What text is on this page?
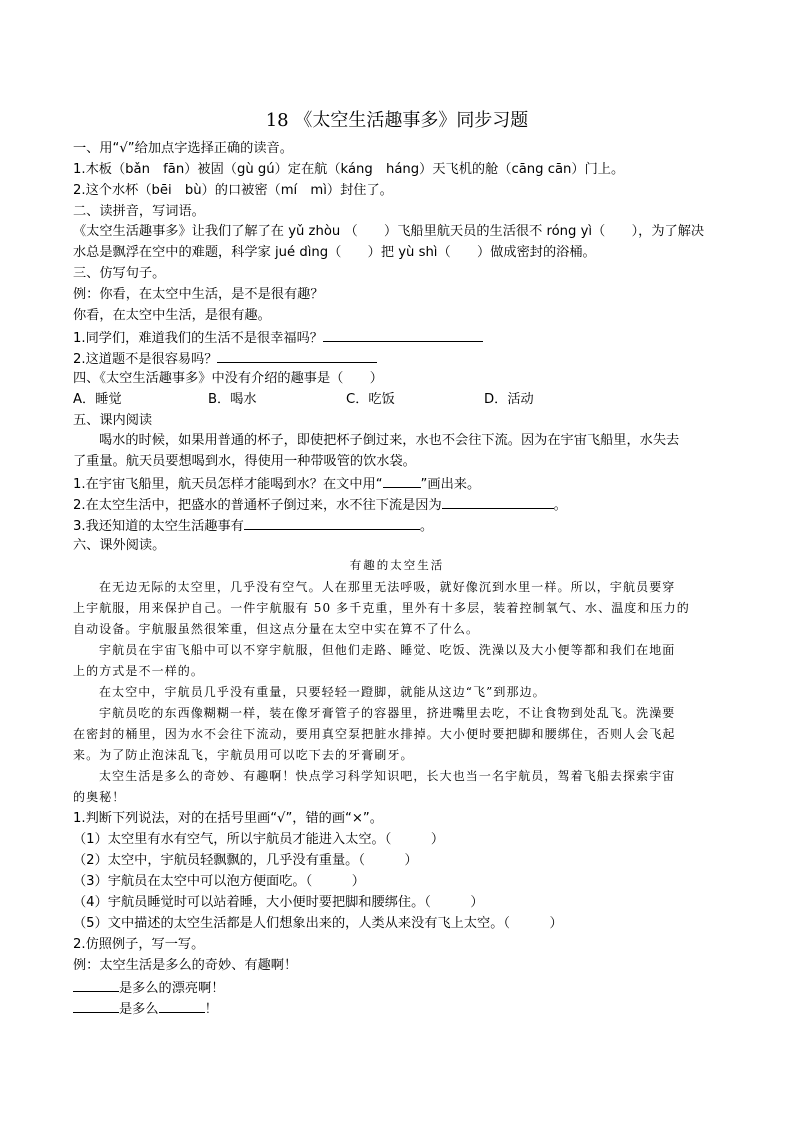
18 《太空生活趣事多》同步习题
一、用“√”给加点字选择正确的读音。
1.木板（bǎn　fān）被固（gù gú）定在航（káng　háng）天飞机的舱（cāng cān）门上。
2.这个水杯（bēi　bù）的口被密（mí　mì）封住了。
二、读拼音，写词语。
《太空生活趣事多》让我们了解了在 yǔ zhòu （　　）飞船里航天员的生活很不 róng yì（　　），为了解决
水总是飘浮在空中的难题，科学家 jué dìng（　　）把 yù shì（　　）做成密封的浴桶。
三、仿写句子。
例：你看，在太空中生活，是不是很有趣？
你看，在太空中生活，是很有趣。
1.同学们，难道我们的生活不是很幸福吗？
2.这道题不是很容易吗？
四、《太空生活趣事多》中没有介绍的趣事是（　　）
A．睡觉	B．喝水	C．吃饭	D．活动
五、课内阅读
喝水的时候，如果用普通的杯子，即使把杯子倒过来，水也不会往下流。因为在宇宙飞船里，水失去
了重量。航天员要想喝到水，得使用一种带吸管的饮水袋。
1.在宇宙飞船里，航天员怎样才能喝到水？在文中用“	”画出来。
2.在太空生活中，把盛水的普通杯子倒过来，水不往下流是因为	。
3.我还知道的太空生活趣事有	。
六、课外阅读。
有趣的太空生活
在无边无际的太空里，几乎没有空气。人在那里无法呼吸，就好像沉到水里一样。所以，宇航员要穿
上宇航服，用来保护自己。一件宇航服有 50 多千克重，里外有十多层，装着控制氧气、水、温度和压力的
自动设备。宇航服虽然很笨重，但这点分量在太空中实在算不了什么。
宇航员在宇宙飞船中可以不穿宇航服，但他们走路、睡觉、吃饭、洗澡以及大小便等都和我们在地面
上的方式是不一样的。
在太空中，宇航员几乎没有重量，只要轻轻一蹬脚，就能从这边“飞”到那边。
宇航员吃的东西像糊糊一样，装在像牙膏管子的容器里，挤进嘴里去吃，不让食物到处乱飞。洗澡要
在密封的桶里，因为水不会往下流动，要用真空泵把脏水排掉。大小便时要把脚和腰绑住，否则人会飞起
来。为了防止泡沫乱飞，宇航员用可以吃下去的牙膏刷牙。
太空生活是多么的奇妙、有趣啊！快点学习科学知识吧，长大也当一名宇航员，驾着飞船去探索宇宙
的奥秘！
1.判断下列说法，对的在括号里画“√”，错的画“×”。
（1）太空里有水有空气，所以宇航员才能进入太空。（　　　）
（2）太空中，宇航员轻飘飘的，几乎没有重量。（　　　）
（3）宇航员在太空中可以泡方便面吃。（　　　）
（4）宇航员睡觉时可以站着睡，大小便时要把脚和腰绑住。（　　　）
（5）文中描述的太空生活都是人们想象出来的，人类从来没有飞上太空。（　　　）
2.仿照例子，写一写。
例：太空生活是多么的奇妙、有趣啊！
是多么的漂亮啊！
是多么	！
